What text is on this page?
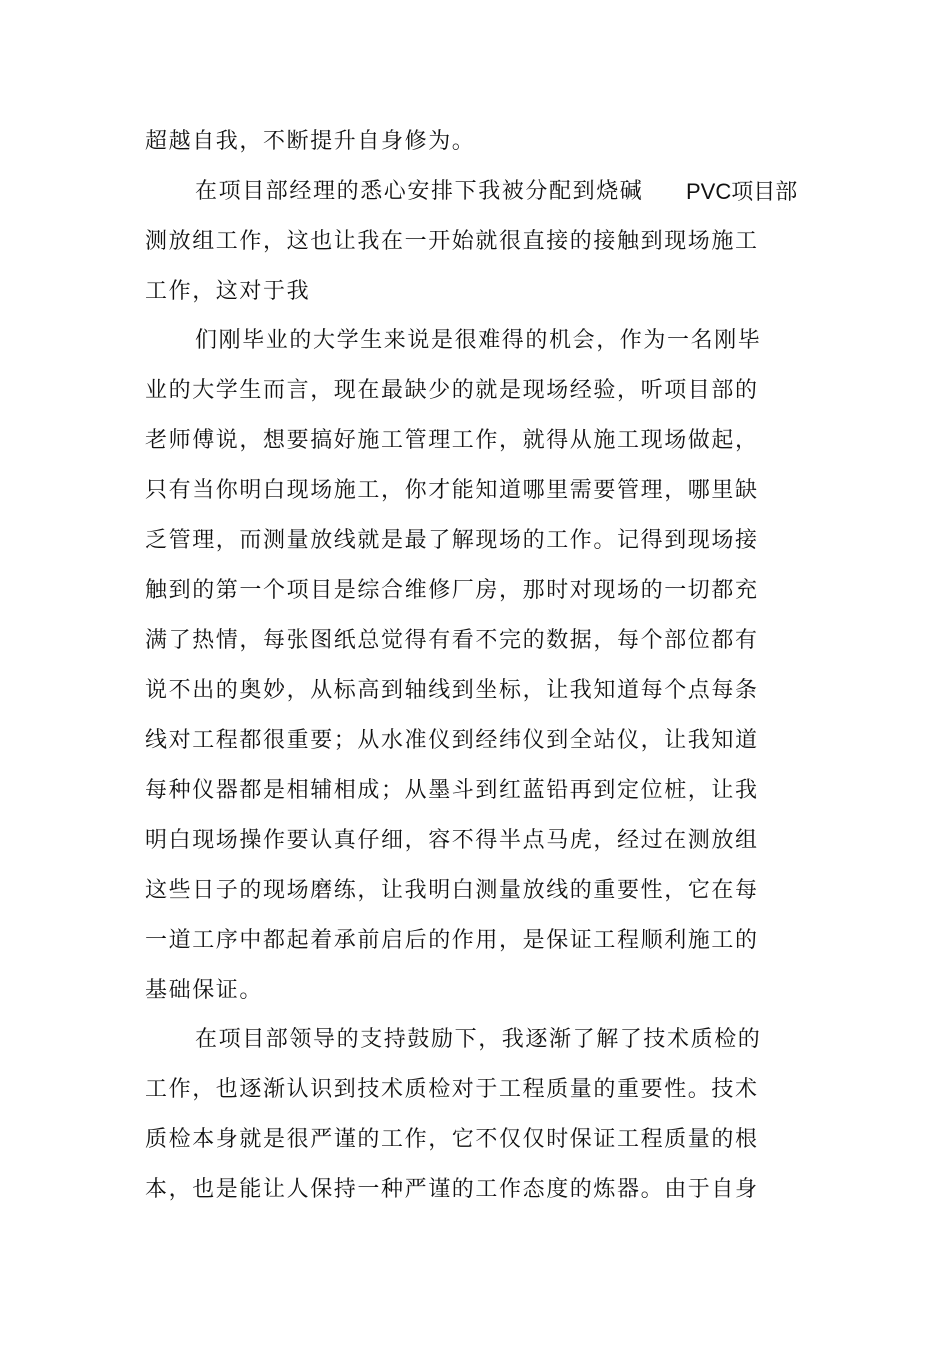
超越自我，不断提升自身修为。
在项目部经理的悉心安排下我被分配到烧碱 PVC项目部
测放组工作，这也让我在一开始就很直接的接触到现场施工
工作，这对于我
们刚毕业的大学生来说是很难得的机会，作为一名刚毕
业的大学生而言，现在最缺少的就是现场经验，听项目部的
老师傅说，想要搞好施工管理工作，就得从施工现场做起，
只有当你明白现场施工，你才能知道哪里需要管理，哪里缺
乏管理，而测量放线就是最了解现场的工作。记得到现场接
触到的第一个项目是综合维修厂房，那时对现场的一切都充
满了热情，每张图纸总觉得有看不完的数据，每个部位都有
说不出的奥妙，从标高到轴线到坐标，让我知道每个点每条
线对工程都很重要；从水准仪到经纬仪到全站仪，让我知道
每种仪器都是相辅相成；从墨斗到红蓝铅再到定位桩，让我
明白现场操作要认真仔细，容不得半点马虎，经过在测放组
这些日子的现场磨练，让我明白测量放线的重要性，它在每
一道工序中都起着承前启后的作用，是保证工程顺利施工的
基础保证。
在项目部领导的支持鼓励下，我逐渐了解了技术质检的
工作，也逐渐认识到技术质检对于工程质量的重要性。技术
质检本身就是很严谨的工作，它不仅仅时保证工程质量的根
本，也是能让人保持一种严谨的工作态度的炼器。由于自身
